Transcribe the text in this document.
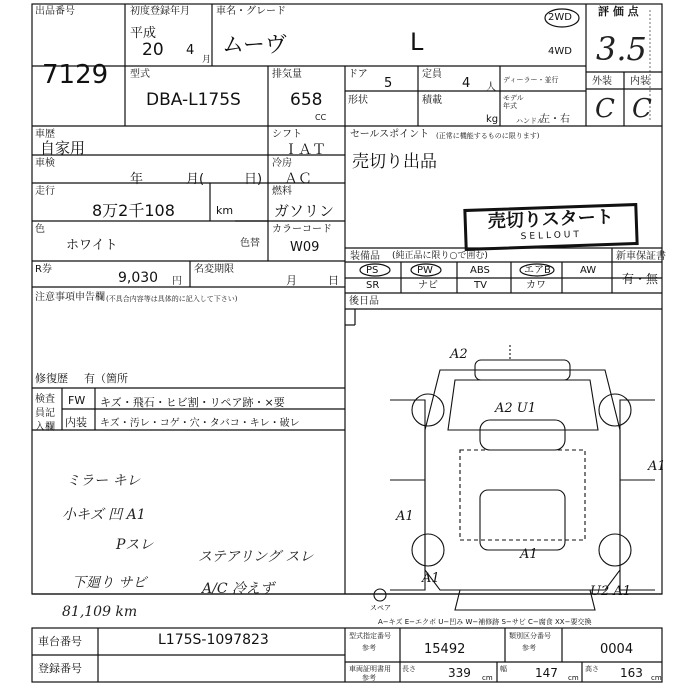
出品番号
7129
初度登録年月
平成
20 4
月
車名・グレード
ムーヴ	L
2WD
4WD
評 価 点
3.5
外装 内装
C C
型式
DBA-L175S
排気量
658
CC
ドア
5
定員
4 人
ディーラー・並行
形状	積載
kg
モデル年式
ハンドル
左・右
車歴
自家用
シフト
ＩＡＴ
車検
年	月(	日)
冷房
ＡＣ
走行
8万2千108	km
燃料
ガソリン
色
ホワイト	色替
カラーコード
W09
R券
9,030 円
名変期限
月	日
セールスポイント (正常に機能するものに限ります)
売切り出品
売切りスタート
SELLOUT
装備品 (純正品に限り○で囲む)
PS	PW	ABS	エアB	AW
SR	ナビ	TV	カワ
新車保証書
有・無
注意事項申告欄 (不具合内容等は具体的に記入して下さい)
修復歴 有（箇所
後日品
検査員記入欄
FW キズ・飛石・ヒビ割・リペア跡・×要
内装 キズ・汚レ・コゲ・穴・タバコ・キレ・破レ
ミラー キレ
小キズ 凹 A1
Pスレ
下廻り サビ
81,109 km
ステアリング スレ
A/C 冷えず
A2
A2 U1
A1
A1
A1
A1
U2 A1
スペア
A−キズ E−エクボ U−凹み W−補修跡 S−サビ C−腐食 XX−要交換
車台番号	L175S-1097823
登録番号
型式指定番号
参考	15492
類別区分番号
参考	0004
車両証明書用
参考
長さ	339 cm
幅 147 cm
高さ 163 cm
